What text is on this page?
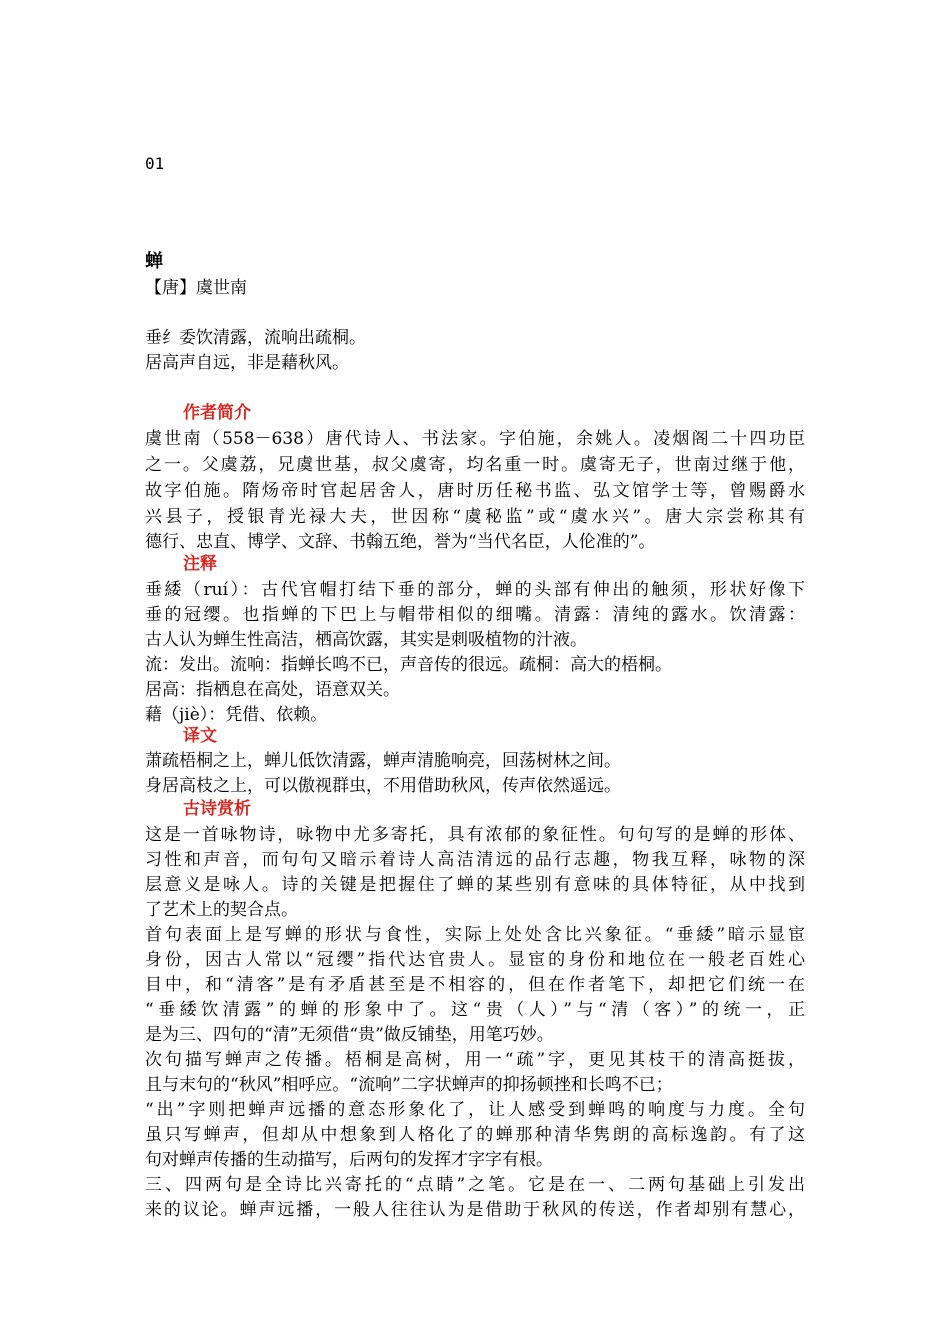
01
蝉
【唐】虞世南
垂纟委饮清露，流响出疏桐。
居高声自远，非是藉秋风。
作者简介
虞世南（558－638）唐代诗人、书法家。字伯施，余姚人。凌烟阁二十四功臣
之一。父虞荔，兄虞世基，叔父虞寄，均名重一时。虞寄无子，世南过继于他，
故字伯施。隋炀帝时官起居舍人，唐时历任秘书监、弘文馆学士等，曾赐爵水
兴县子，授银青光禄大夫，世因称“虞秘监”或“虞水兴”。唐大宗尝称其有
德行、忠直、博学、文辞、书翰五绝，誉为“当代名臣，人伦准的”。
注释
垂緌（ruí）：古代官帽打结下垂的部分，蝉的头部有伸出的触须，形状好像下
垂的冠缨。也指蝉的下巴上与帽带相似的细嘴。清露：清纯的露水。饮清露：
古人认为蝉生性高洁，栖高饮露，其实是刺吸植物的汁液。
流：发出。流响：指蝉长鸣不已，声音传的很远。疏桐：高大的梧桐。
居高：指栖息在高处，语意双关。
藉（jiè）：凭借、依赖。
译文
萧疏梧桐之上，蝉儿低饮清露，蝉声清脆响亮，回荡树林之间。
身居高枝之上，可以傲视群虫，不用借助秋风，传声依然遥远。
古诗赏析
这是一首咏物诗，咏物中尤多寄托，具有浓郁的象征性。句句写的是蝉的形体、
习性和声音，而句句又暗示着诗人高洁清远的品行志趣，物我互释，咏物的深
层意义是咏人。诗的关键是把握住了蝉的某些别有意味的具体特征，从中找到
了艺术上的契合点。
首句表面上是写蝉的形状与食性，实际上处处含比兴象征。“垂緌”暗示显宦
身份，因古人常以“冠缨”指代达官贵人。显宦的身份和地位在一般老百姓心
目中，和“清客”是有矛盾甚至是不相容的，但在作者笔下，却把它们统一在
“垂緌饮清露”的蝉的形象中了。这“贵（人）”与“清（客）”的统一，正
是为三、四句的“清”无须借“贵”做反铺垫，用笔巧妙。
次句描写蝉声之传播。梧桐是高树，用一“疏”字，更见其枝干的清高挺拔，
且与末句的“秋风”相呼应。“流响”二字状蝉声的抑扬顿挫和长鸣不已；
“出”字则把蝉声远播的意态形象化了，让人感受到蝉鸣的响度与力度。全句
虽只写蝉声，但却从中想象到人格化了的蝉那种清华隽朗的高标逸韵。有了这
句对蝉声传播的生动描写，后两句的发挥才字字有根。
三、四两句是全诗比兴寄托的“点睛”之笔。它是在一、二两句基础上引发出
来的议论。蝉声远播，一般人往往认为是借助于秋风的传送，作者却别有慧心，
